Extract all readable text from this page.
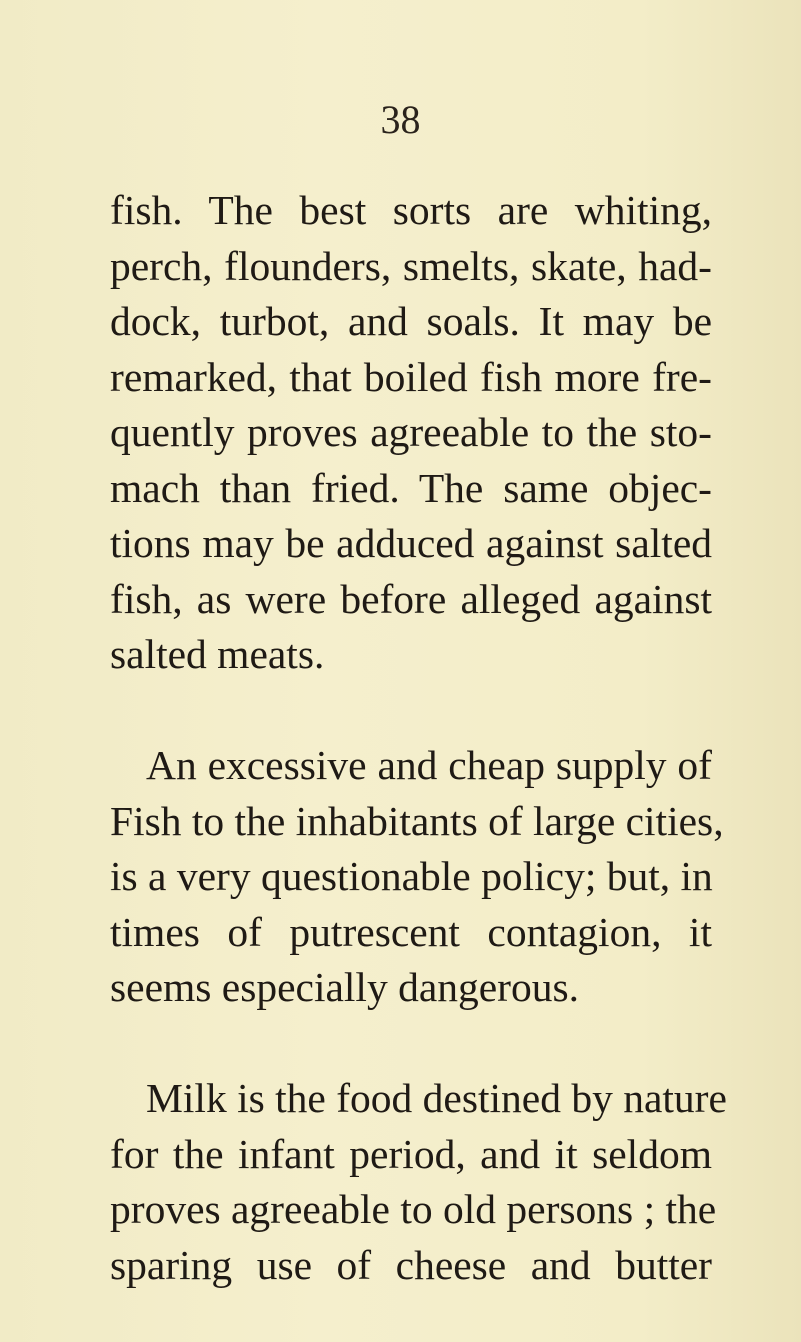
38
fish. The best sorts are whiting,
perch, flounders, smelts, skate, had-
dock, turbot, and soals. It may be
remarked, that boiled fish more fre-
quently proves agreeable to the sto-
mach than fried. The same objec-
tions may be adduced against salted
fish, as were before alleged against
salted meats.
An excessive and cheap supply of
Fish to the inhabitants of large cities,
is a very questionable policy; but, in
times of putrescent contagion, it
seems especially dangerous.
Milk is the food destined by nature
for the infant period, and it seldom
proves agreeable to old persons ; the
sparing use of cheese and butter
